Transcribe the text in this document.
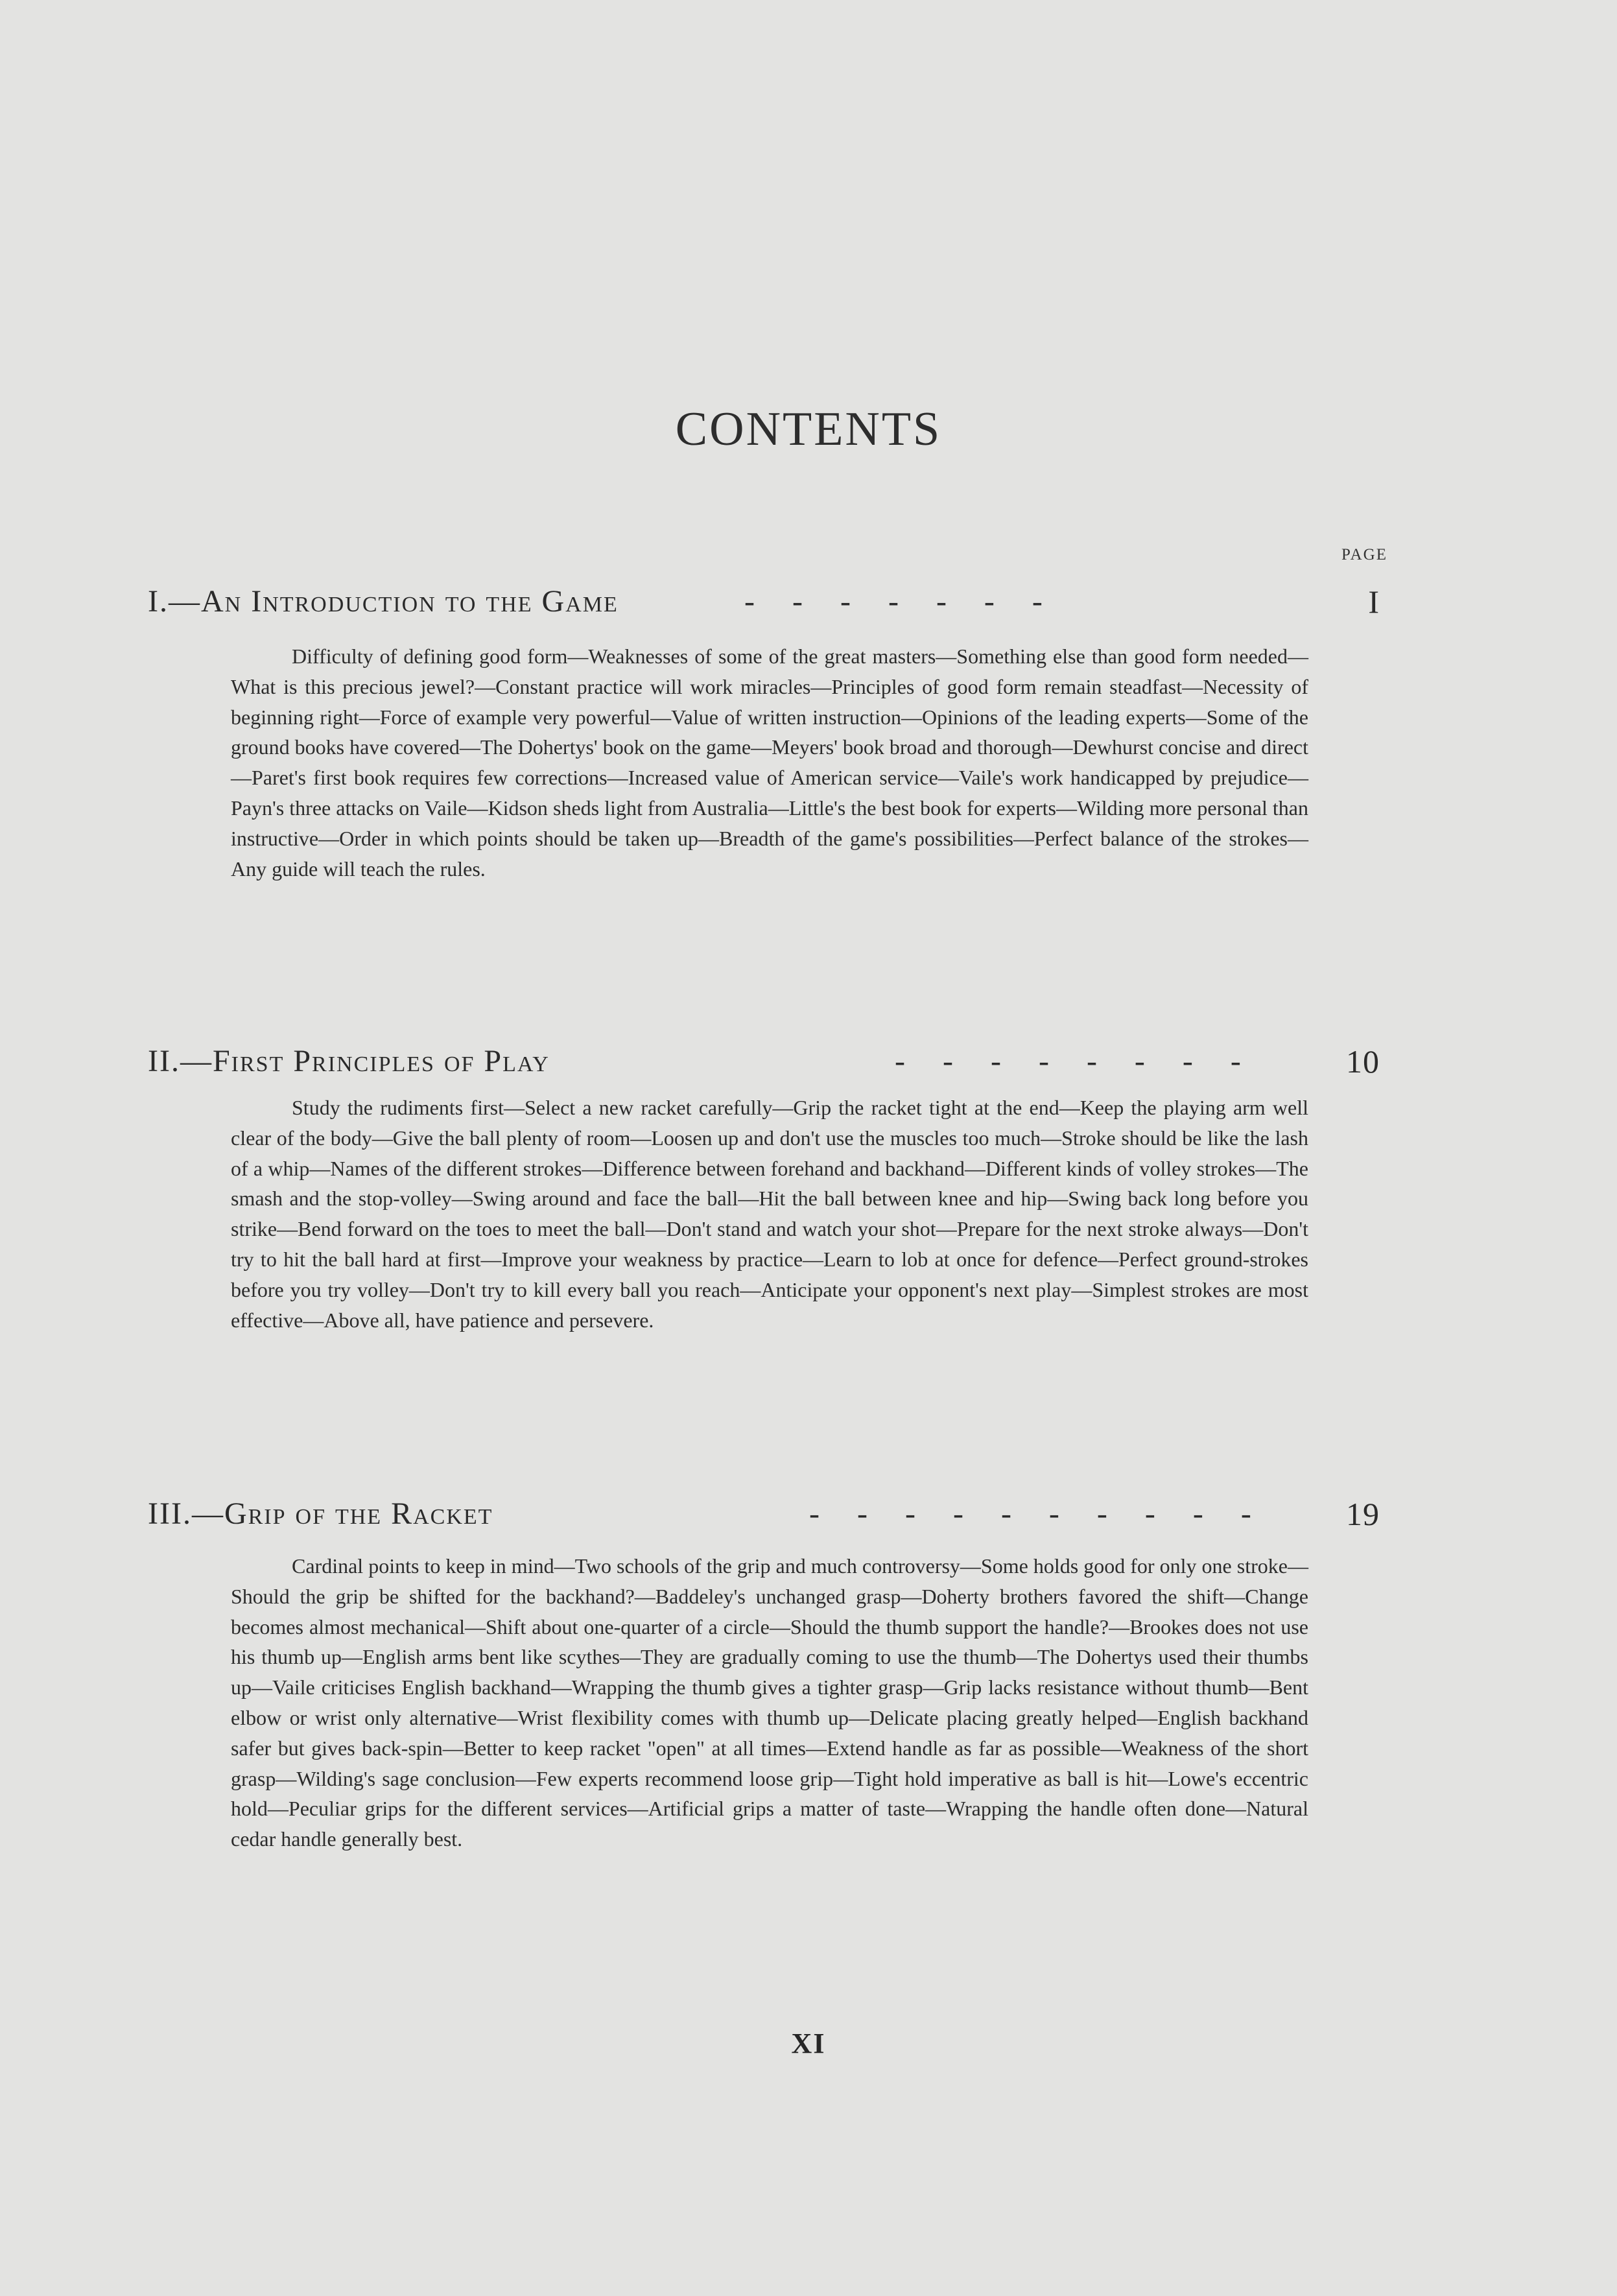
CONTENTS
PAGE
I.—An Introduction to the Game	- - - - - - -	I

Difficulty of defining good form—Weaknesses of some of the great masters—Something else than good form needed—What is this precious jewel?—Constant practice will work miracles—Principles of good form remain steadfast—Necessity of beginning right—Force of example very powerful—Value of written instruction—Opinions of the leading experts—Some of the ground books have covered—The Dohertys' book on the game—Meyers' book broad and thorough—Dewhurst concise and direct—Paret's first book requires few corrections—Increased value of American service—Vaile's work handicapped by prejudice—Payn's three attacks on Vaile—Kidson sheds light from Australia—Little's the best book for experts—Wilding more personal than instructive—Order in which points should be taken up—Breadth of the game's possibilities—Perfect balance of the strokes—Any guide will teach the rules.

II.—First Principles of Play	- - - - - - - -	10

Study the rudiments first—Select a new racket carefully—Grip the racket tight at the end—Keep the playing arm well clear of the body—Give the ball plenty of room—Loosen up and don't use the muscles too much—Stroke should be like the lash of a whip—Names of the different strokes—Difference between forehand and backhand—Different kinds of volley strokes—The smash and the stop-volley—Swing around and face the ball—Hit the ball between knee and hip—Swing back long before you strike—Bend forward on the toes to meet the ball—Don't stand and watch your shot—Prepare for the next stroke always—Don't try to hit the ball hard at first—Improve your weakness by practice—Learn to lob at once for defence—Perfect ground-strokes before you try volley—Don't try to kill every ball you reach—Anticipate your opponent's next play—Simplest strokes are most effective—Above all, have patience and persevere.

III.—Grip of the Racket	- - - - - - - - - -	19

Cardinal points to keep in mind—Two schools of the grip and much controversy—Some holds good for only one stroke—Should the grip be shifted for the backhand?—Baddeley's unchanged grasp—Doherty brothers favored the shift—Change becomes almost mechanical—Shift about one-quarter of a circle—Should the thumb support the handle?—Brookes does not use his thumb up—English arms bent like scythes—They are gradually coming to use the thumb—The Dohertys used their thumbs up—Vaile criticises English backhand—Wrapping the thumb gives a tighter grasp—Grip lacks resistance without thumb—Bent elbow or wrist only alternative—Wrist flexibility comes with thumb up—Delicate placing greatly helped—English backhand safer but gives back-spin—Better to keep racket "open" at all times—Extend handle as far as possible—Weakness of the short grasp—Wilding's sage conclusion—Few experts recommend loose grip—Tight hold imperative as ball is hit—Lowe's eccentric hold—Peculiar grips for the different services—Artificial grips a matter of taste—Wrapping the handle often done—Natural cedar handle generally best.

XI
